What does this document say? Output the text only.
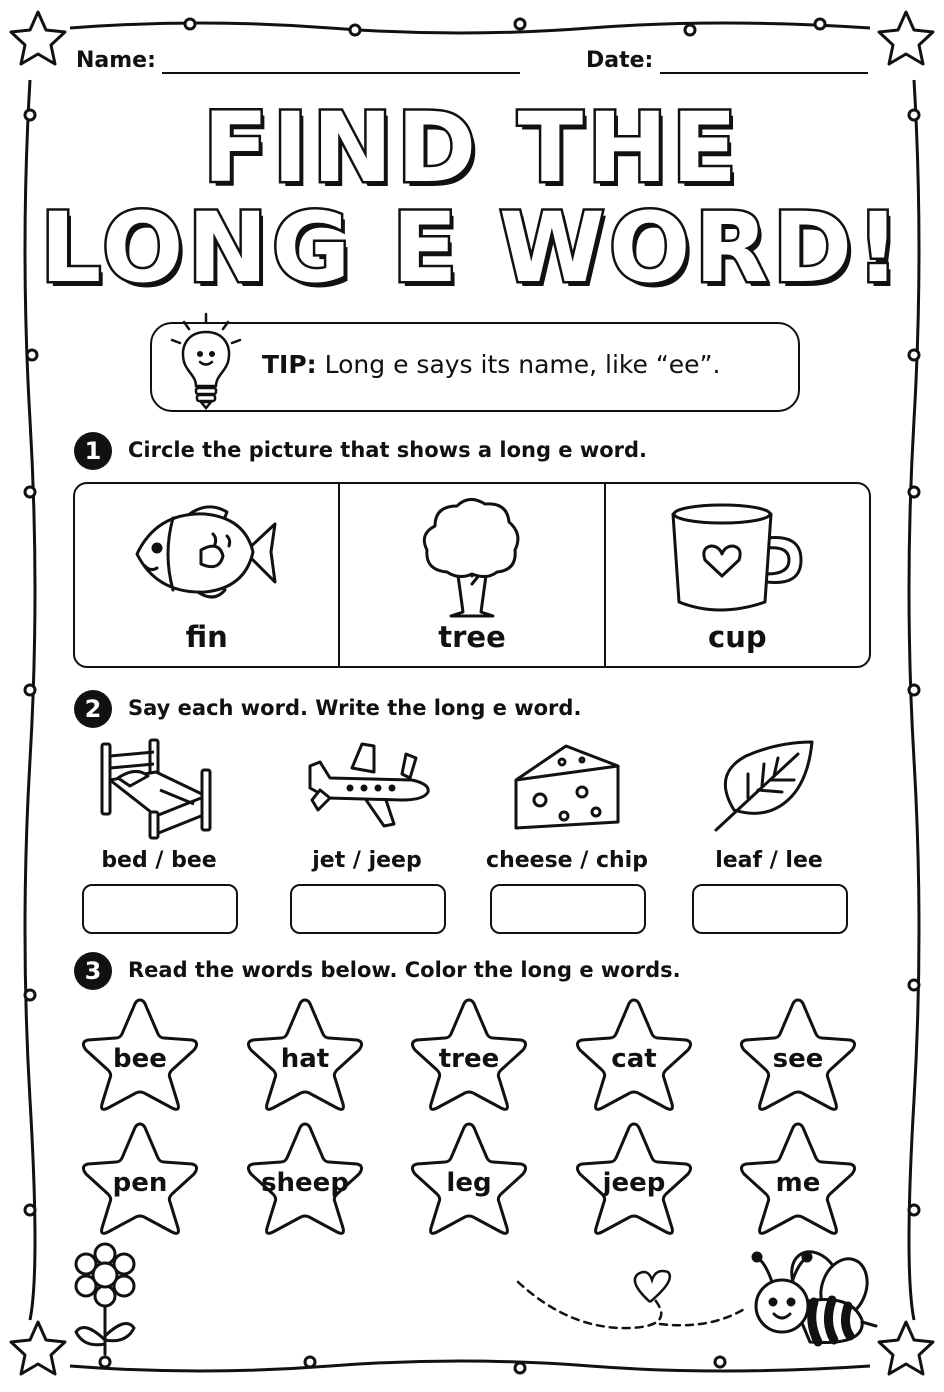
Name:	Date:
FIND THE
LONG E WORD!
TIP: Long e says its name, like “ee”.
1	Circle the picture that shows a long e word.
fin	tree	cup
2	Say each word. Write the long e word.
bed / bee	jet / jeep	cheese / chip	leaf / lee
3	Read the words below. Color the long e words.
bee	hat	tree	cat	see
pen	sheep	leg	jeep	me
